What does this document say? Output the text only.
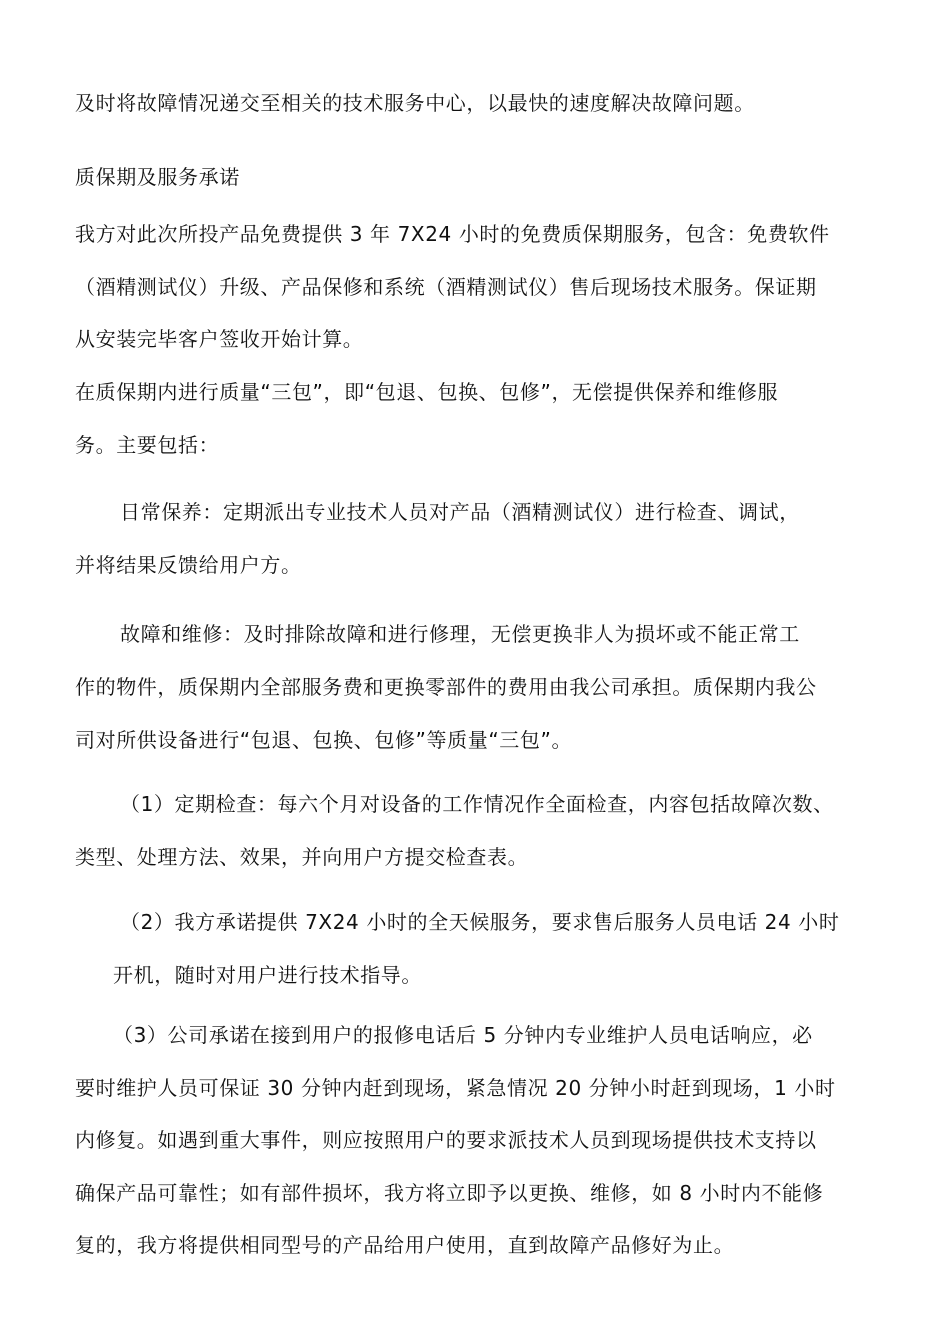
及时将故障情况递交至相关的技术服务中心，以最快的速度解决故障问题。
质保期及服务承诺
我方对此次所投产品免费提供 3 年 7X24 小时的免费质保期服务，包含：免费软件
（酒精测试仪）升级、产品保修和系统（酒精测试仪）售后现场技术服务。保证期
从安装完毕客户签收开始计算。
在质保期内进行质量“三包”，即“包退、包换、包修”，无偿提供保养和维修服
务。主要包括：
日常保养：定期派出专业技术人员对产品（酒精测试仪）进行检查、调试，
并将结果反馈给用户方。
故障和维修：及时排除故障和进行修理，无偿更换非人为损坏或不能正常工
作的物件，质保期内全部服务费和更换零部件的费用由我公司承担。质保期内我公
司对所供设备进行“包退、包换、包修”等质量“三包”。
（1）定期检查：每六个月对设备的工作情况作全面检查，内容包括故障次数、
类型、处理方法、效果，并向用户方提交检查表。
（2）我方承诺提供 7X24 小时的全天候服务，要求售后服务人员电话 24 小时
开机，随时对用户进行技术指导。
（3）公司承诺在接到用户的报修电话后 5 分钟内专业维护人员电话响应，必
要时维护人员可保证 30 分钟内赶到现场，紧急情况 20 分钟小时赶到现场，1 小时
内修复。如遇到重大事件，则应按照用户的要求派技术人员到现场提供技术支持以
确保产品可靠性；如有部件损坏，我方将立即予以更换、维修，如 8 小时内不能修
复的，我方将提供相同型号的产品给用户使用，直到故障产品修好为止。
